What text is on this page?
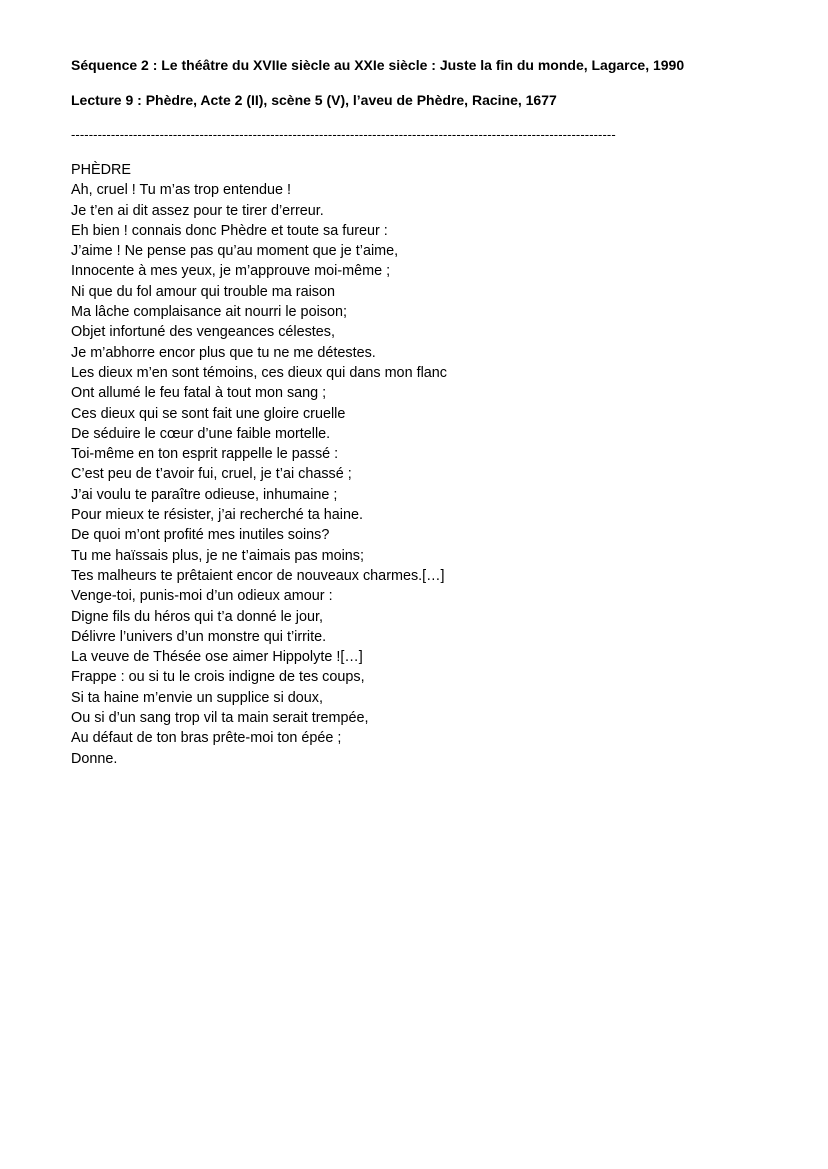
Séquence 2 : Le théâtre du XVIIe siècle au XXIe siècle : Juste la fin du monde, Lagarce, 1990

Lecture 9 : Phèdre, Acte 2 (II), scène 5 (V), l’aveu de Phèdre, Racine, 1677

---------------------------------------------------------------------------------------------------------------------------

PHÈDRE

Ah, cruel ! Tu m’as trop entendue !
Je t’en ai dit assez pour te tirer d’erreur.
Eh bien ! connais donc Phèdre et toute sa fureur :
J’aime ! Ne pense pas qu’au moment que je t’aime,
Innocente à mes yeux, je m’approuve moi-même ;
Ni que du fol amour qui trouble ma raison
Ma lâche complaisance ait nourri le poison;
Objet infortuné des vengeances célestes,
Je m’abhorre encor plus que tu ne me détestes.
Les dieux m’en sont témoins, ces dieux qui dans mon flanc
Ont allumé le feu fatal à tout mon sang ;
Ces dieux qui se sont fait une gloire cruelle
De séduire le cœur d’une faible mortelle.
Toi-même en ton esprit rappelle le passé :
C’est peu de t’avoir fui, cruel, je t’ai chassé ;
J’ai voulu te paraître odieuse, inhumaine ;
Pour mieux te résister, j’ai recherché ta haine.
De quoi m’ont profité mes inutiles soins?
Tu me haïssais plus, je ne t’aimais pas moins;
Tes malheurs te prêtaient encor de nouveaux charmes.[…]
Venge-toi, punis-moi d’un odieux amour :
Digne fils du héros qui t’a donné le jour,
Délivre l’univers d’un monstre qui t’irrite.
La veuve de Thésée ose aimer Hippolyte ![…]
Frappe : ou si tu le crois indigne de tes coups,
Si ta haine m’envie un supplice si doux,
Ou si d’un sang trop vil ta main serait trempée,
Au défaut de ton bras prête-moi ton épée ;
Donne.
